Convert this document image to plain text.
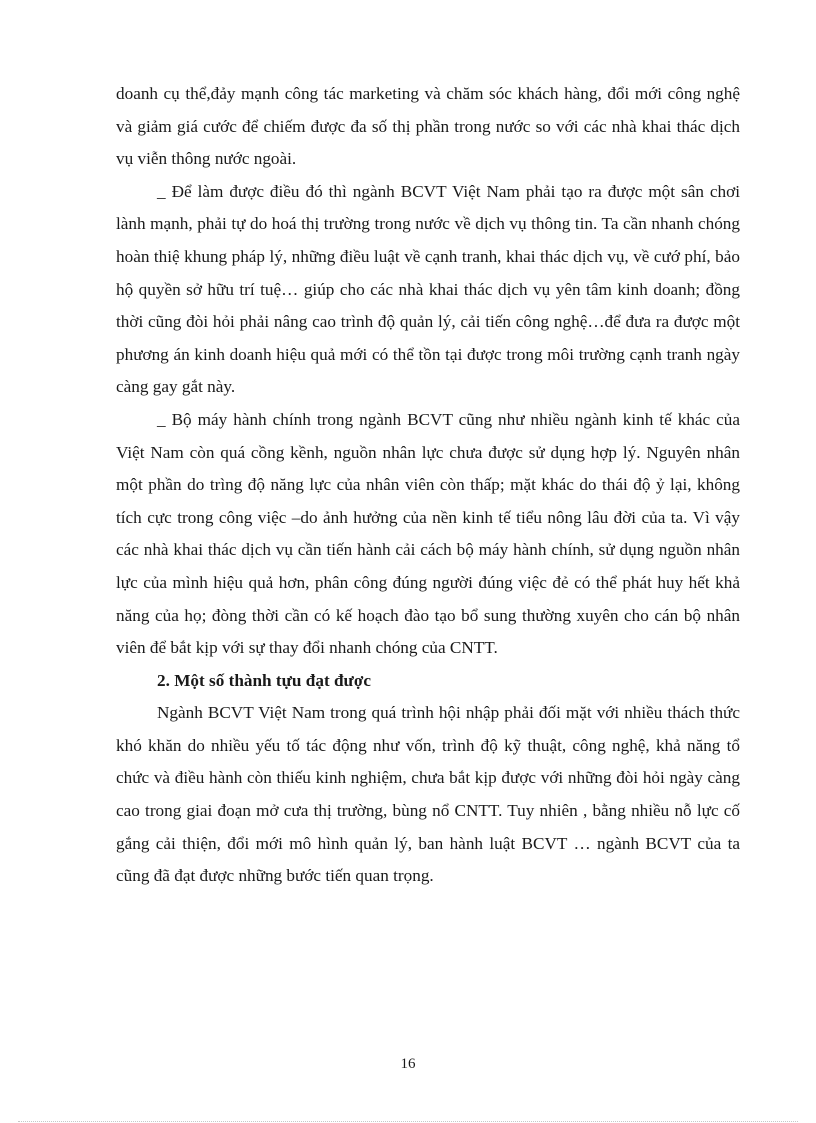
doanh cụ thể,đảy mạnh công tác marketing và chăm sóc khách hàng, đổi mới công nghệ và giảm giá cước để chiếm được đa số thị phần trong nước so với các nhà khai thác dịch vụ viễn thông nước ngoài.

_ Để làm được điều đó thì ngành BCVT Việt Nam phải tạo ra được một sân chơi lành mạnh, phải tự do hoá thị trường trong nước về dịch vụ thông tin. Ta cần nhanh chóng hoàn thiệ khung pháp lý, những điều luật về cạnh tranh, khai thác dịch vụ, về cướ phí, bảo hộ quyền sở hữu trí tuệ… giúp cho các nhà khai thác dịch vụ yên tâm kinh doanh; đồng thời cũng đòi hỏi phải nâng cao trình độ quản lý, cải tiến công nghệ…để đưa ra được một phương án kinh doanh hiệu quả mới có thể tồn tại được trong môi trường cạnh tranh ngày càng gay gắt này.

_ Bộ máy hành chính trong ngành BCVT cũng như nhiều ngành kinh tế khác của Việt Nam còn quá cồng kềnh, nguồn nhân lực chưa được sử dụng hợp lý. Nguyên nhân một phần do trìng độ năng lực của nhân viên còn thấp; mặt khác do thái độ ỷ lại, không tích cực trong công việc –do ảnh hưởng của nền kinh tế tiểu nông lâu đời của ta. Vì vậy các nhà khai thác dịch vụ cần tiến hành cải cách bộ máy hành chính, sử dụng nguồn nhân lực của mình hiệu quả hơn, phân công đúng người đúng việc đẻ có thể phát huy hết khả năng của họ; đòng thời cần có kế hoạch đào tạo bổ sung thường xuyên cho cán bộ nhân viên để bắt kịp với sự thay đổi nhanh chóng của CNTT.

2. Một số thành tựu đạt được

Ngành BCVT Việt Nam trong quá trình hội nhập phải đối mặt với nhiều thách thức khó khăn do nhiều yếu tố tác động như vốn, trình độ kỹ thuật, công nghệ, khả năng tổ chức và điều hành còn thiếu kinh nghiệm, chưa bắt kịp được với những đòi hỏi ngày càng cao trong giai đoạn mở cưa thị trường, bùng nổ CNTT. Tuy nhiên , bằng nhiều nỗ lực cố gắng cải thiện, đổi mới mô hình quản lý, ban hành luật BCVT … ngành BCVT của ta cũng đã đạt được những bước tiến quan trọng.

16
